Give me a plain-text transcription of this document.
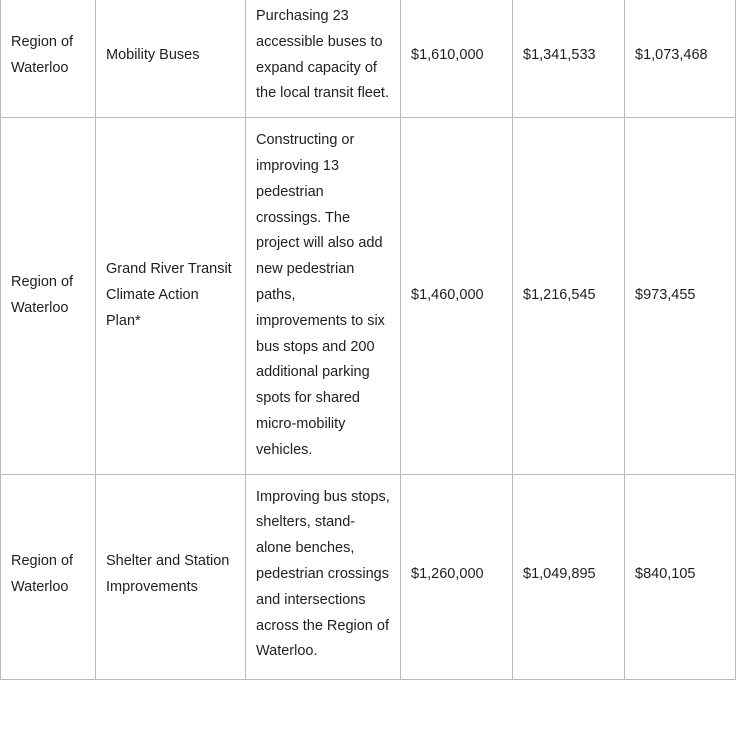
Region of Waterloo	Mobility Buses	Purchasing 23 accessible buses to expand capacity of the local transit fleet.	$1,610,000	$1,341,533	$1,073,468
Region of Waterloo	Grand River Transit Climate Action Plan*	Constructing or improving 13 pedestrian crossings. The project will also add new pedestrian paths, improvements to six bus stops and 200 additional parking spots for shared micro-mobility vehicles.	$1,460,000	$1,216,545	$973,455
Region of Waterloo	Shelter and Station Improvements	Improving bus stops, shelters, stand-alone benches, pedestrian crossings and intersections across the Region of Waterloo.	$1,260,000	$1,049,895	$840,105
